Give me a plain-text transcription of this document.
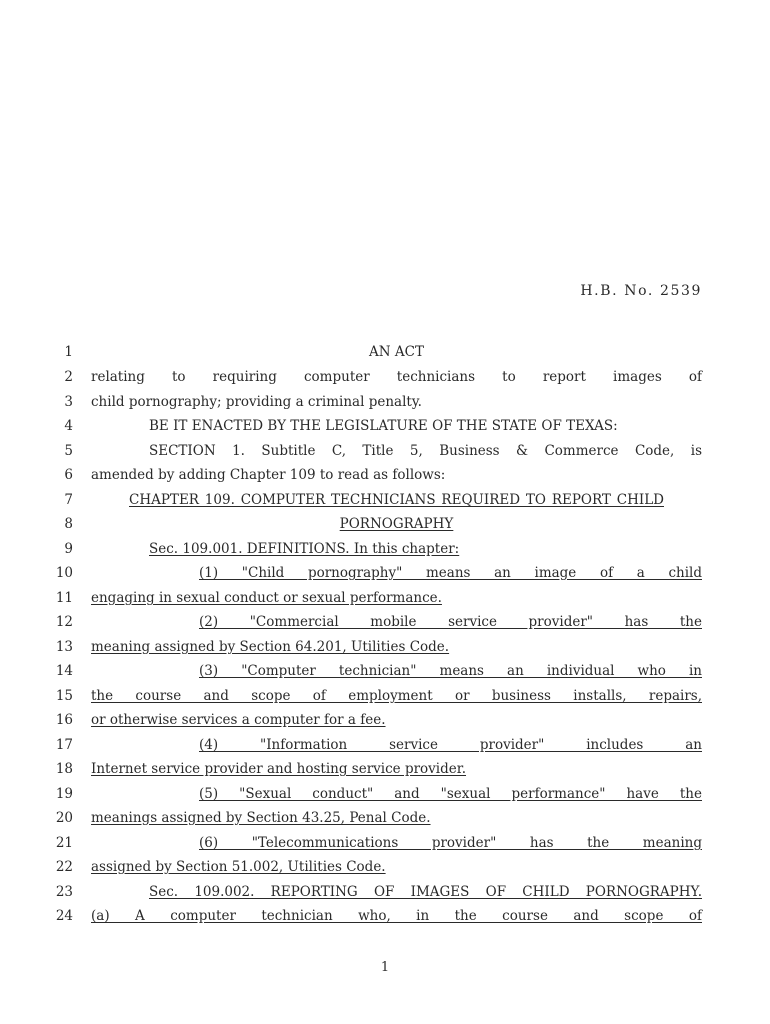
H.B. No. 2539
1	AN ACT
2 relating to requiring computer technicians to report images of
3 child pornography; providing a criminal penalty.
4	BE IT ENACTED BY THE LEGISLATURE OF THE STATE OF TEXAS:
5	SECTION 1. Subtitle C, Title 5, Business & Commerce Code, is
6 amended by adding Chapter 109 to read as follows:
7	CHAPTER 109. COMPUTER TECHNICIANS REQUIRED TO REPORT CHILD
8	PORNOGRAPHY
9	Sec. 109.001. DEFINITIONS. In this chapter:
10	(1) "Child pornography" means an image of a child
11 engaging in sexual conduct or sexual performance.
12	(2) "Commercial mobile service provider" has the
13 meaning assigned by Section 64.201, Utilities Code.
14	(3) "Computer technician" means an individual who in
15 the course and scope of employment or business installs, repairs,
16 or otherwise services a computer for a fee.
17	(4) "Information service provider" includes an
18 Internet service provider and hosting service provider.
19	(5) "Sexual conduct" and "sexual performance" have the
20 meanings assigned by Section 43.25, Penal Code.
21	(6) "Telecommunications provider" has the meaning
22 assigned by Section 51.002, Utilities Code.
23	Sec. 109.002. REPORTING OF IMAGES OF CHILD PORNOGRAPHY.
24 (a) A computer technician who, in the course and scope of
1
